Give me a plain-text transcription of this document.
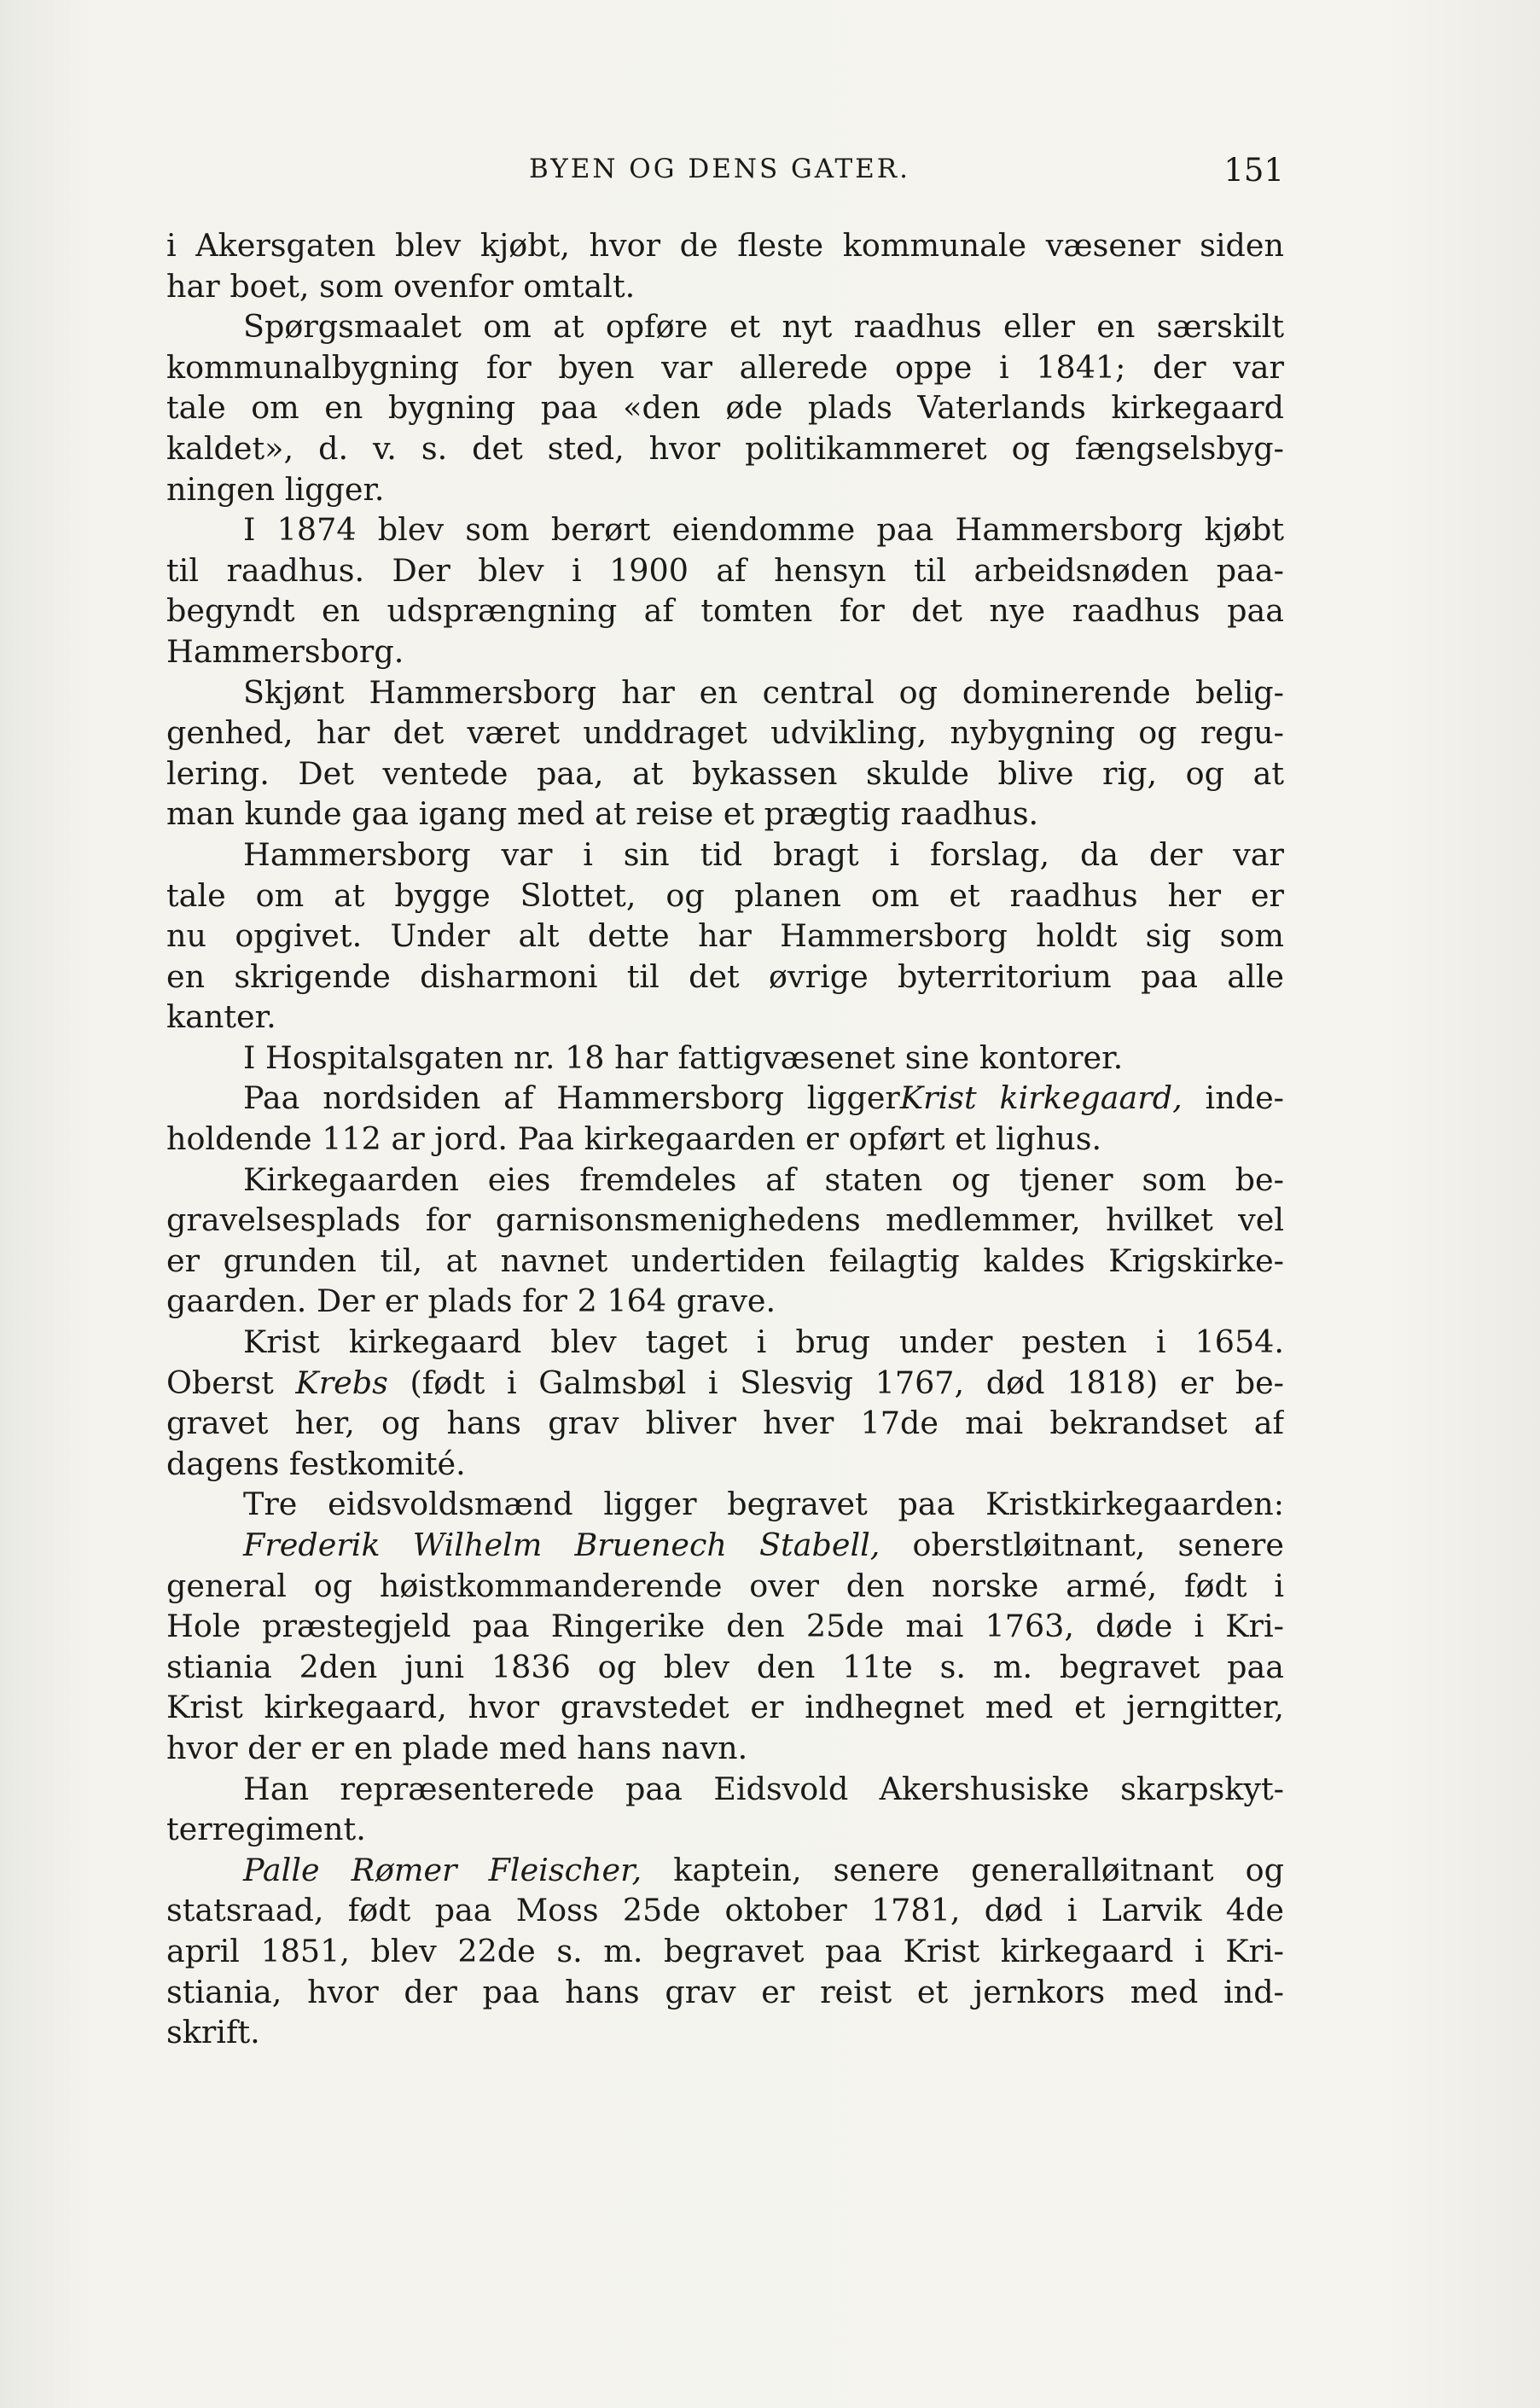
BYEN OG DENS GATER.	151
i Akersgaten blev kjøbt, hvor de fleste kommunale væsener siden
har boet, som ovenfor omtalt.
Spørgsmaalet om at opføre et nyt raadhus eller en særskilt
kommunalbygning for byen var allerede oppe i 1841; der var
tale om en bygning paa «den øde plads Vaterlands kirkegaard
kaldet», d. v. s. det sted, hvor politikammeret og fængselsbyg-
ningen ligger.
I 1874 blev som berørt eiendomme paa Hammersborg kjøbt
til raadhus. Der blev i 1900 af hensyn til arbeidsnøden paa-
begyndt en udsprængning af tomten for det nye raadhus paa
Hammersborg.
Skjønt Hammersborg har en central og dominerende belig-
genhed, har det været unddraget udvikling, nybygning og regu-
lering. Det ventede paa, at bykassen skulde blive rig, og at
man kunde gaa igang med at reise et prægtig raadhus.
Hammersborg var i sin tid bragt i forslag, da der var
tale om at bygge Slottet, og planen om et raadhus her er
nu opgivet. Under alt dette har Hammersborg holdt sig som
en skrigende disharmoni til det øvrige byterritorium paa alle
kanter.
I Hospitalsgaten nr. 18 har fattigvæsenet sine kontorer.
Paa nordsiden af Hammersborg liggerKrist kirkegaard, inde-
holdende 112 ar jord. Paa kirkegaarden er opført et lighus.
Kirkegaarden eies fremdeles af staten og tjener som be-
gravelsesplads for garnisonsmenighedens medlemmer, hvilket vel
er grunden til, at navnet undertiden feilagtig kaldes Krigskirke-
gaarden. Der er plads for 2 164 grave.
Krist kirkegaard blev taget i brug under pesten i 1654.
Oberst Krebs (født i Galmsbøl i Slesvig 1767, død 1818) er be-
gravet her, og hans grav bliver hver 17de mai bekrandset af
dagens festkomité.
Tre eidsvoldsmænd ligger begravet paa Kristkirkegaarden:
Frederik Wilhelm Bruenech Stabell, oberstløitnant, senere
general og høistkommanderende over den norske armé, født i
Hole præstegjeld paa Ringerike den 25de mai 1763, døde i Kri-
stiania 2den juni 1836 og blev den 11te s. m. begravet paa
Krist kirkegaard, hvor gravstedet er indhegnet med et jerngitter,
hvor der er en plade med hans navn.
Han repræsenterede paa Eidsvold Akershusiske skarpskyt-
terregiment.
Palle Rømer Fleischer, kaptein, senere generalløitnant og
statsraad, født paa Moss 25de oktober 1781, død i Larvik 4de
april 1851, blev 22de s. m. begravet paa Krist kirkegaard i Kri-
stiania, hvor der paa hans grav er reist et jernkors med ind-
skrift.
